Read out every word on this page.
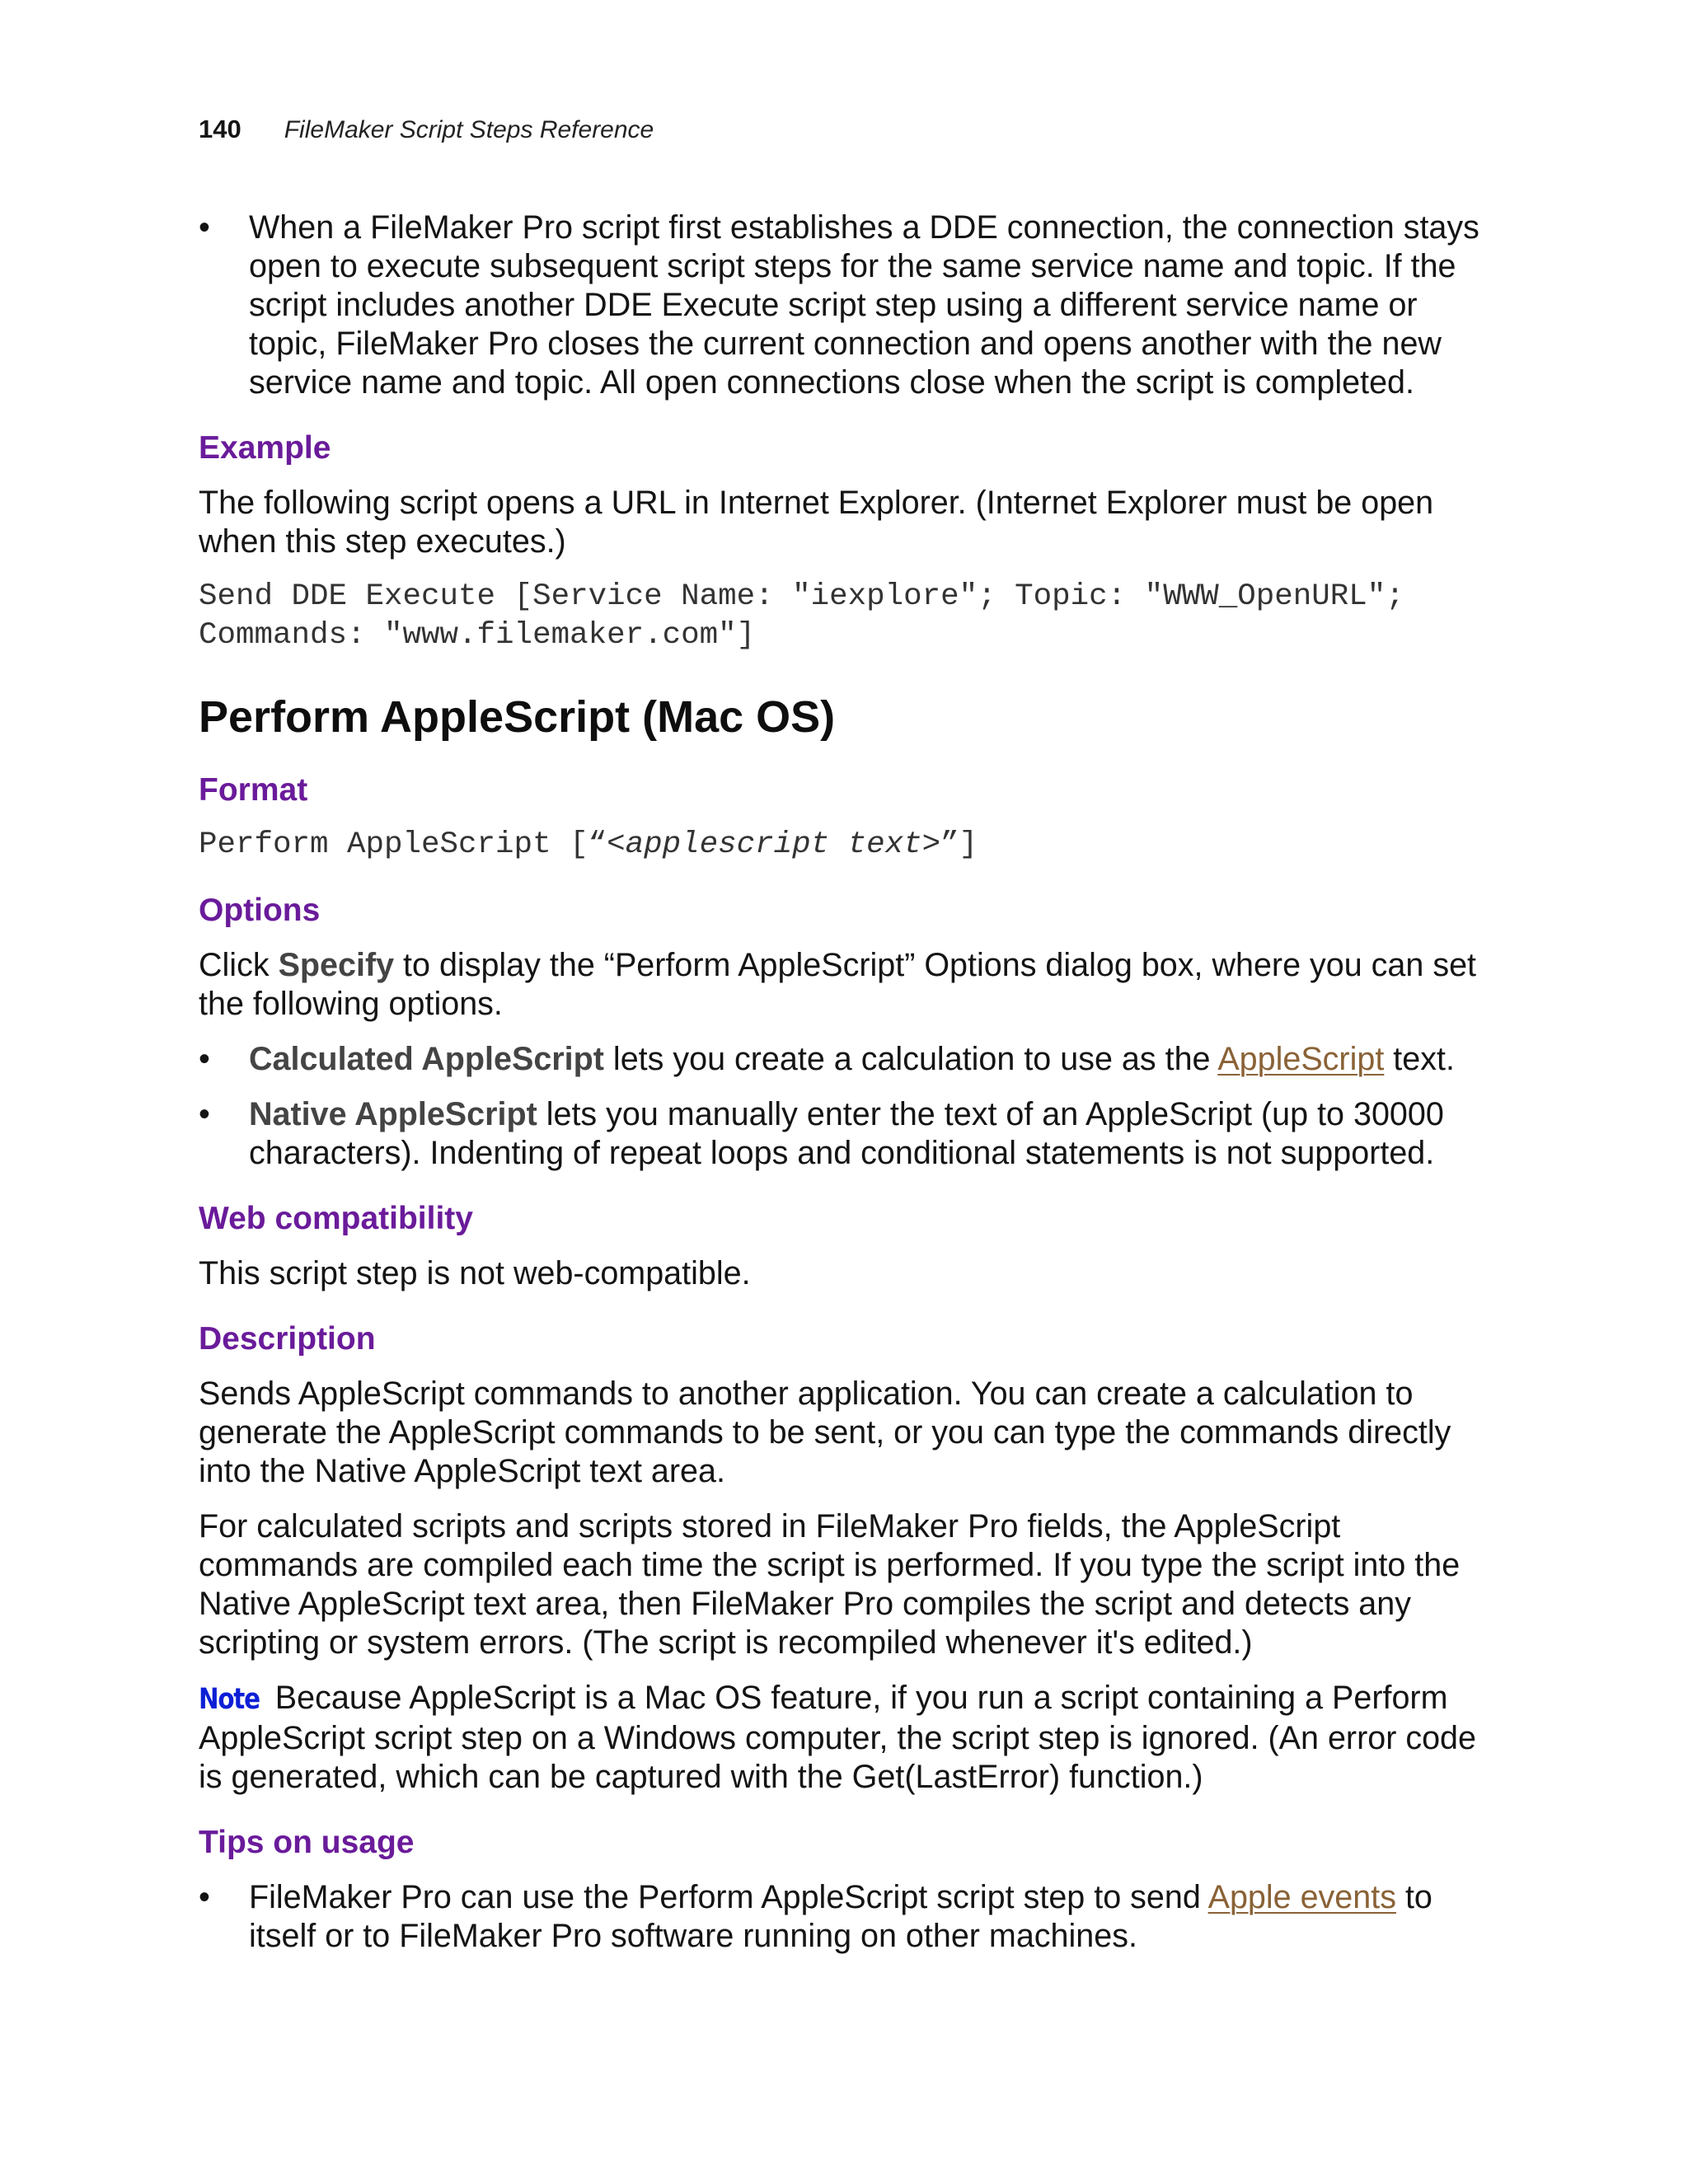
140 FileMaker Script Steps Reference
• When a FileMaker Pro script first establishes a DDE connection, the connection stays open to execute subsequent script steps for the same service name and topic. If the script includes another DDE Execute script step using a different service name or topic, FileMaker Pro closes the current connection and opens another with the new service name and topic. All open connections close when the script is completed.
Example

The following script opens a URL in Internet Explorer. (Internet Explorer must be open when this step executes.)

Send DDE Execute [Service Name: "iexplore"; Topic: "WWW_OpenURL";
Commands: "www.filemaker.com"]
Perform AppleScript (Mac OS)
Format
Perform AppleScript [“<applescript text>”]
Options

Click Specify to display the “Perform AppleScript” Options dialog box, where you can set the following options.

• Calculated AppleScript lets you create a calculation to use as the AppleScript text.
• Native AppleScript lets you manually enter the text of an AppleScript (up to 30000 characters). Indenting of repeat loops and conditional statements is not supported.
Web compatibility

This script step is not web-compatible.

Description

Sends AppleScript commands to another application. You can create a calculation to generate the AppleScript commands to be sent, or you can type the commands directly into the Native AppleScript text area.

For calculated scripts and scripts stored in FileMaker Pro fields, the AppleScript commands are compiled each time the script is performed. If you type the script into the Native AppleScript text area, then FileMaker Pro compiles the script and detects any scripting or system errors. (The script is recompiled whenever it's edited.)

Note Because AppleScript is a Mac OS feature, if you run a script containing a Perform AppleScript script step on a Windows computer, the script step is ignored. (An error code is generated, which can be captured with the Get(LastError) function.)

Tips on usage
• FileMaker Pro can use the Perform AppleScript script step to send Apple events to itself or to FileMaker Pro software running on other machines.
